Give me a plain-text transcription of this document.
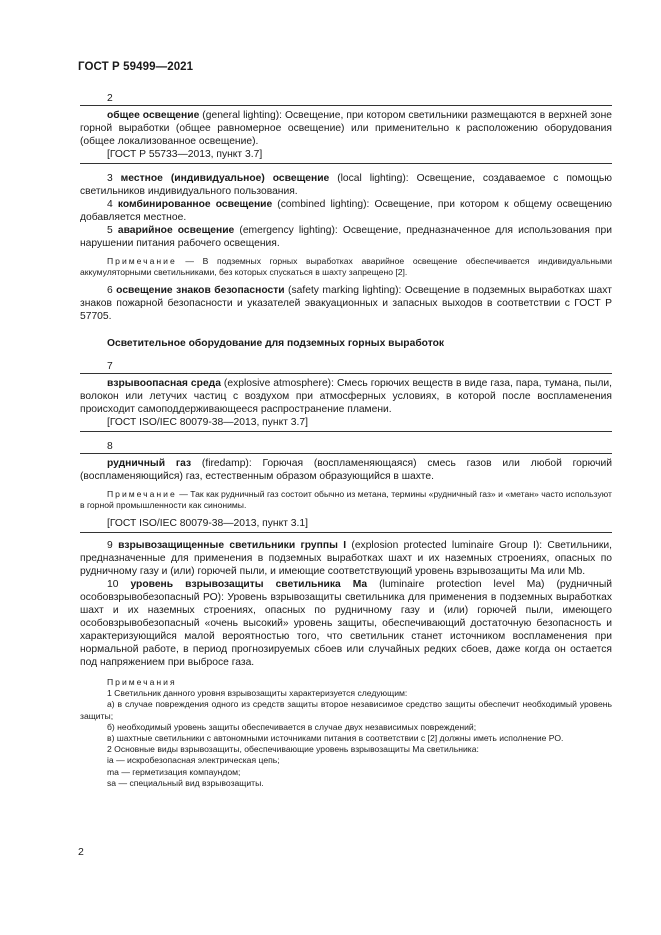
ГОСТ Р 59499—2021

2

общее освещение (general lighting): Освещение, при котором светильники размещаются в верхней зоне горной выработки (общее равномерное освещение) или применительно к расположению оборудования (общее локализованное освещение).

[ГОСТ Р 55733—2013, пункт 3.7]

3 местное (индивидуальное) освещение (local lighting): Освещение, создаваемое с помощью светильников индивидуального пользования.

4 комбинированное освещение (combined lighting): Освещение, при котором к общему освещению добавляется местное.

5 аварийное освещение (emergency lighting): Освещение, предназначенное для использования при нарушении питания рабочего освещения.

Примечание — В подземных горных выработках аварийное освещение обеспечивается индивидуальными аккумуляторными светильниками, без которых спускаться в шахту запрещено [2].

6 освещение знаков безопасности (safety marking lighting): Освещение в подземных выработках шахт знаков пожарной безопасности и указателей эвакуационных и запасных выходов в соответствии с ГОСТ Р 57705.

Осветительное оборудование для подземных горных выработок

7

взрывоопасная среда (explosive atmosphere): Смесь горючих веществ в виде газа, пара, тумана, пыли, волокон или летучих частиц с воздухом при атмосферных условиях, в которой после воспламенения происходит самоподдерживающееся распространение пламени.

[ГОСТ ISO/IEC 80079-38—2013, пункт 3.7]

8

рудничный газ (firedamp): Горючая (воспламеняющаяся) смесь газов или любой горючий (воспламеняющийся) газ, естественным образом образующийся в шахте.

Примечание — Так как рудничный газ состоит обычно из метана, термины «рудничный газ» и «метан» часто используют в горной промышленности как синонимы.

[ГОСТ ISO/IEC 80079-38—2013, пункт 3.1]

9 взрывозащищенные светильники группы I (explosion protected luminaire Group I): Светильники, предназначенные для применения в подземных выработках шахт и их наземных строениях, опасных по рудничному газу и (или) горючей пыли, и имеющие соответствующий уровень взрывозащиты Ma или Mb.

10 уровень взрывозащиты светильника Ma (luminaire protection level Ma) (рудничный особовзрывобезопасный РО): Уровень взрывозащиты светильника для применения в подземных выработках шахт и их наземных строениях, опасных по рудничному газу и (или) горючей пыли, имеющего особовзрывобезопасный «очень высокий» уровень защиты, обеспечивающий достаточную безопасность и характеризующийся малой вероятностью того, что светильник станет источником воспламенения при нормальной работе, в период прогнозируемых сбоев или случайных редких сбоев, даже когда он остается под напряжением при выбросе газа.

Примечания

1 Светильник данного уровня взрывозащиты характеризуется следующим:

а) в случае повреждения одного из средств защиты второе независимое средство защиты обеспечит необходимый уровень защиты;

б) необходимый уровень защиты обеспечивается в случае двух независимых повреждений;

в) шахтные светильники с автономными источниками питания в соответствии с [2] должны иметь исполнение РО.

2 Основные виды взрывозащиты, обеспечивающие уровень взрывозащиты Ма светильника:

ia — искробезопасная электрическая цепь;

ma — герметизация компаундом;

sa — специальный вид взрывозащиты.

2
